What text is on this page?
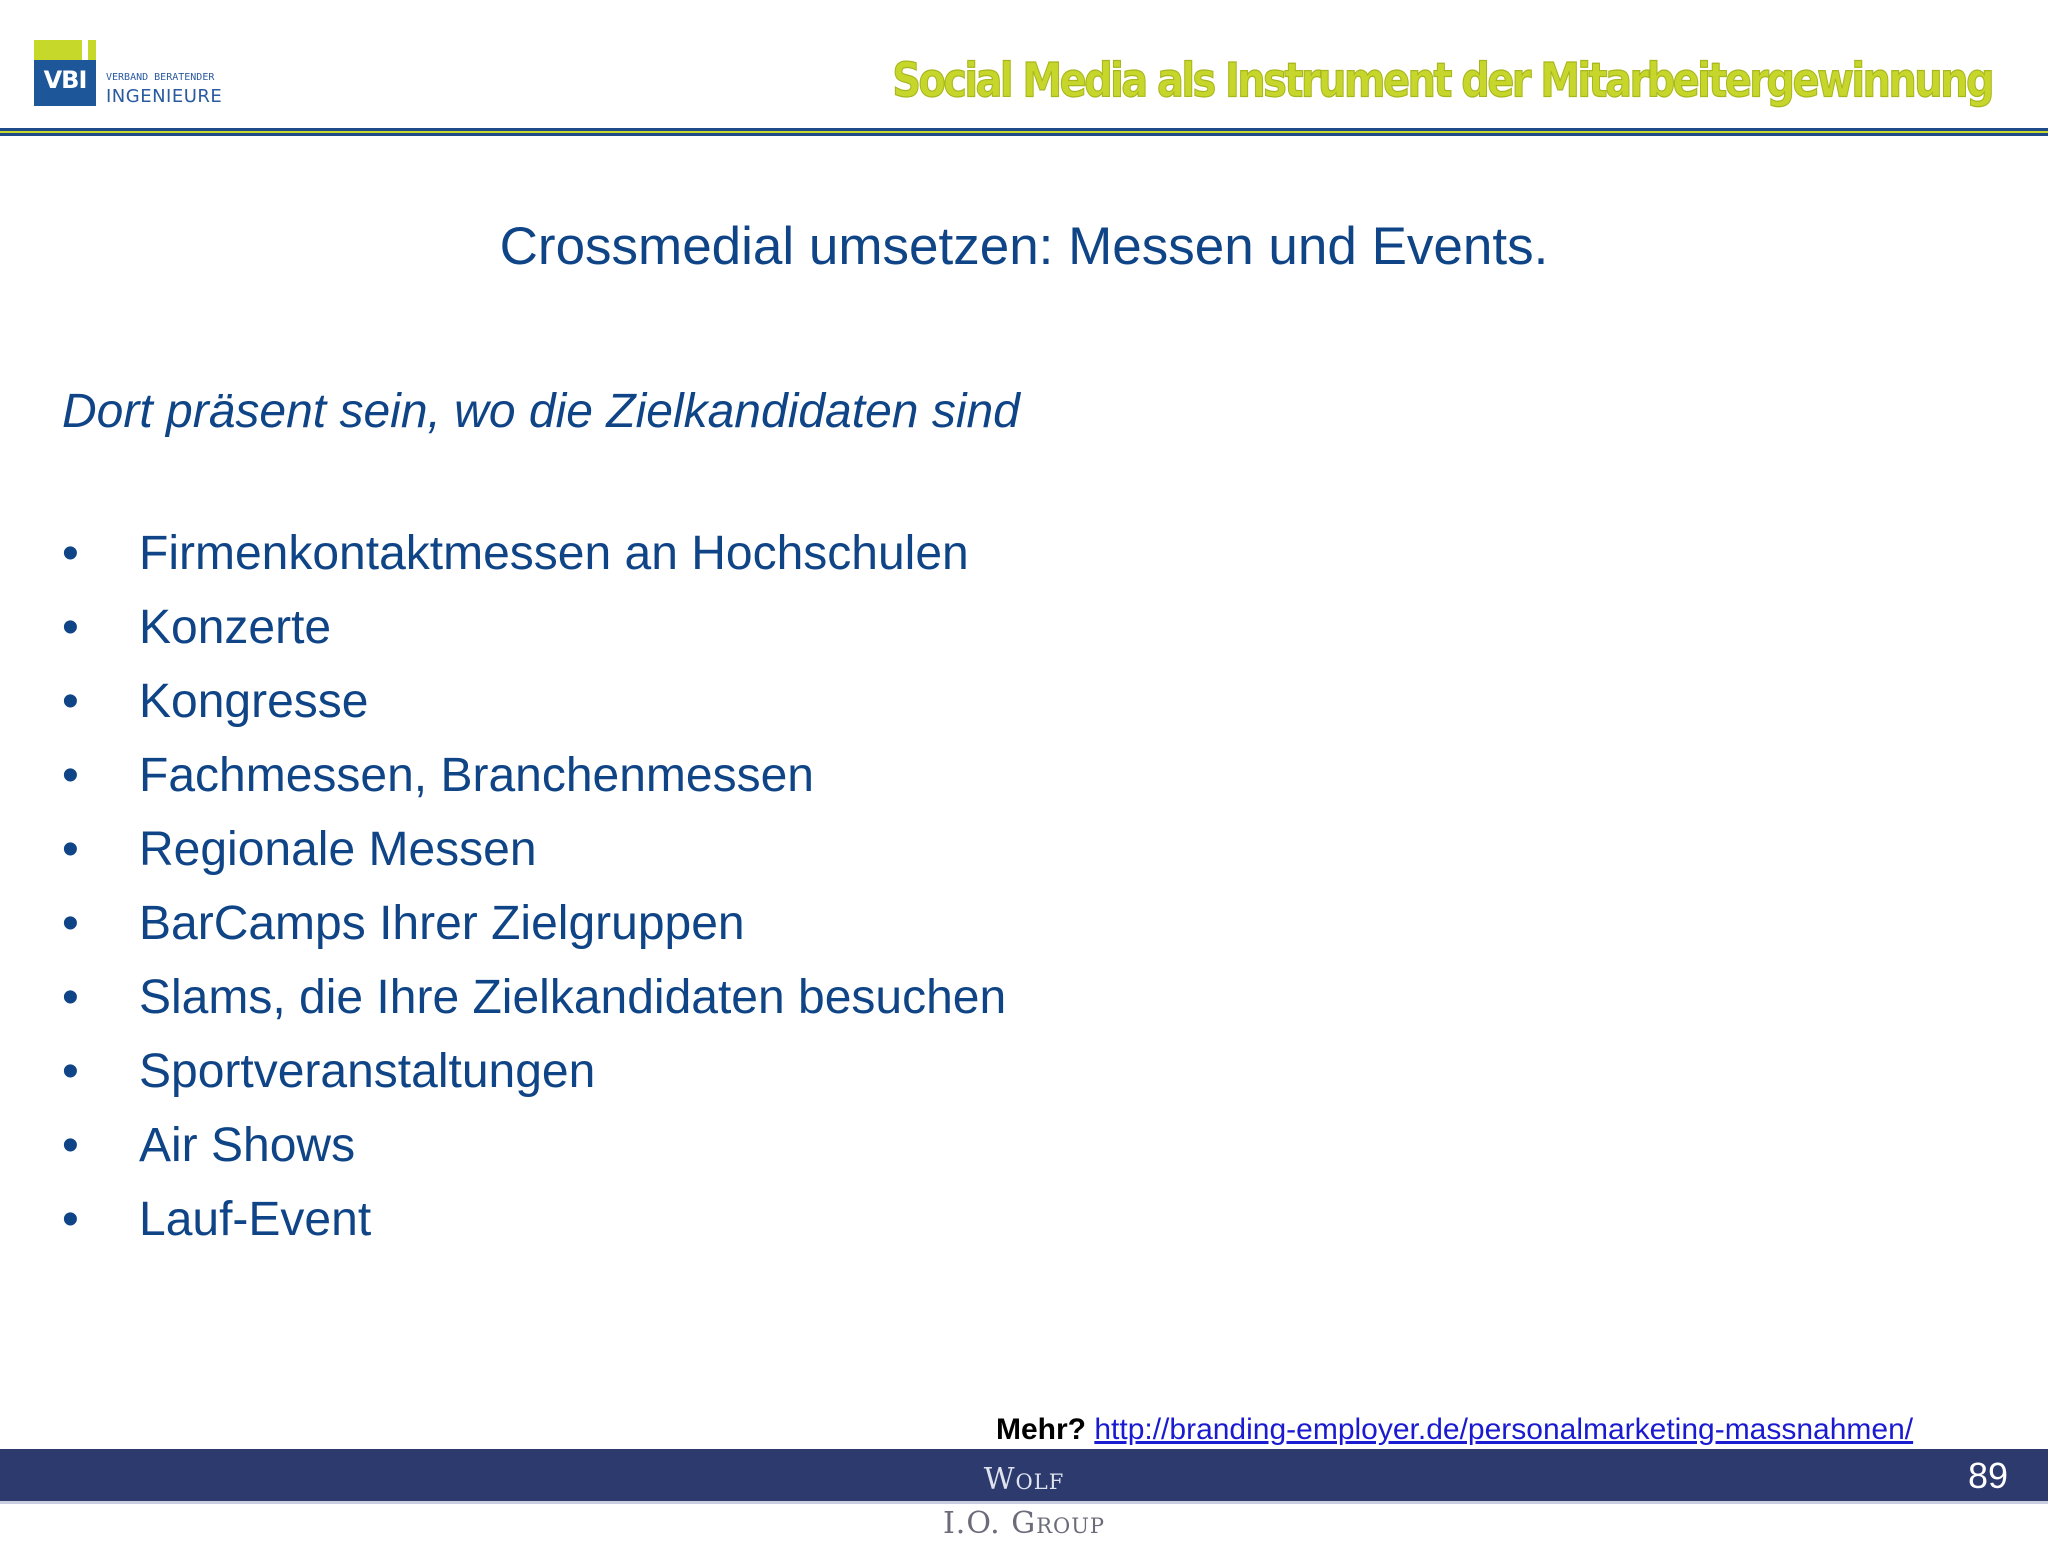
VBI	VERBAND BERATENDER
INGENIEURE	Social Media als Instrument der Mitarbeitergewinnung
Crossmedial umsetzen: Messen und Events.
Dort präsent sein, wo die Zielkandidaten sind
•	Firmenkontaktmessen an Hochschulen
•	Konzerte
•	Kongresse
•	Fachmessen, Branchenmessen
•	Regionale Messen
•	BarCamps Ihrer Zielgruppen
•	Slams, die Ihre Zielkandidaten besuchen
•	Sportveranstaltungen
•	Air Shows
•	Lauf-Event
Mehr? http://branding-employer.de/personalmarketing-massnahmen/
Wolf
I.O. Group
89
